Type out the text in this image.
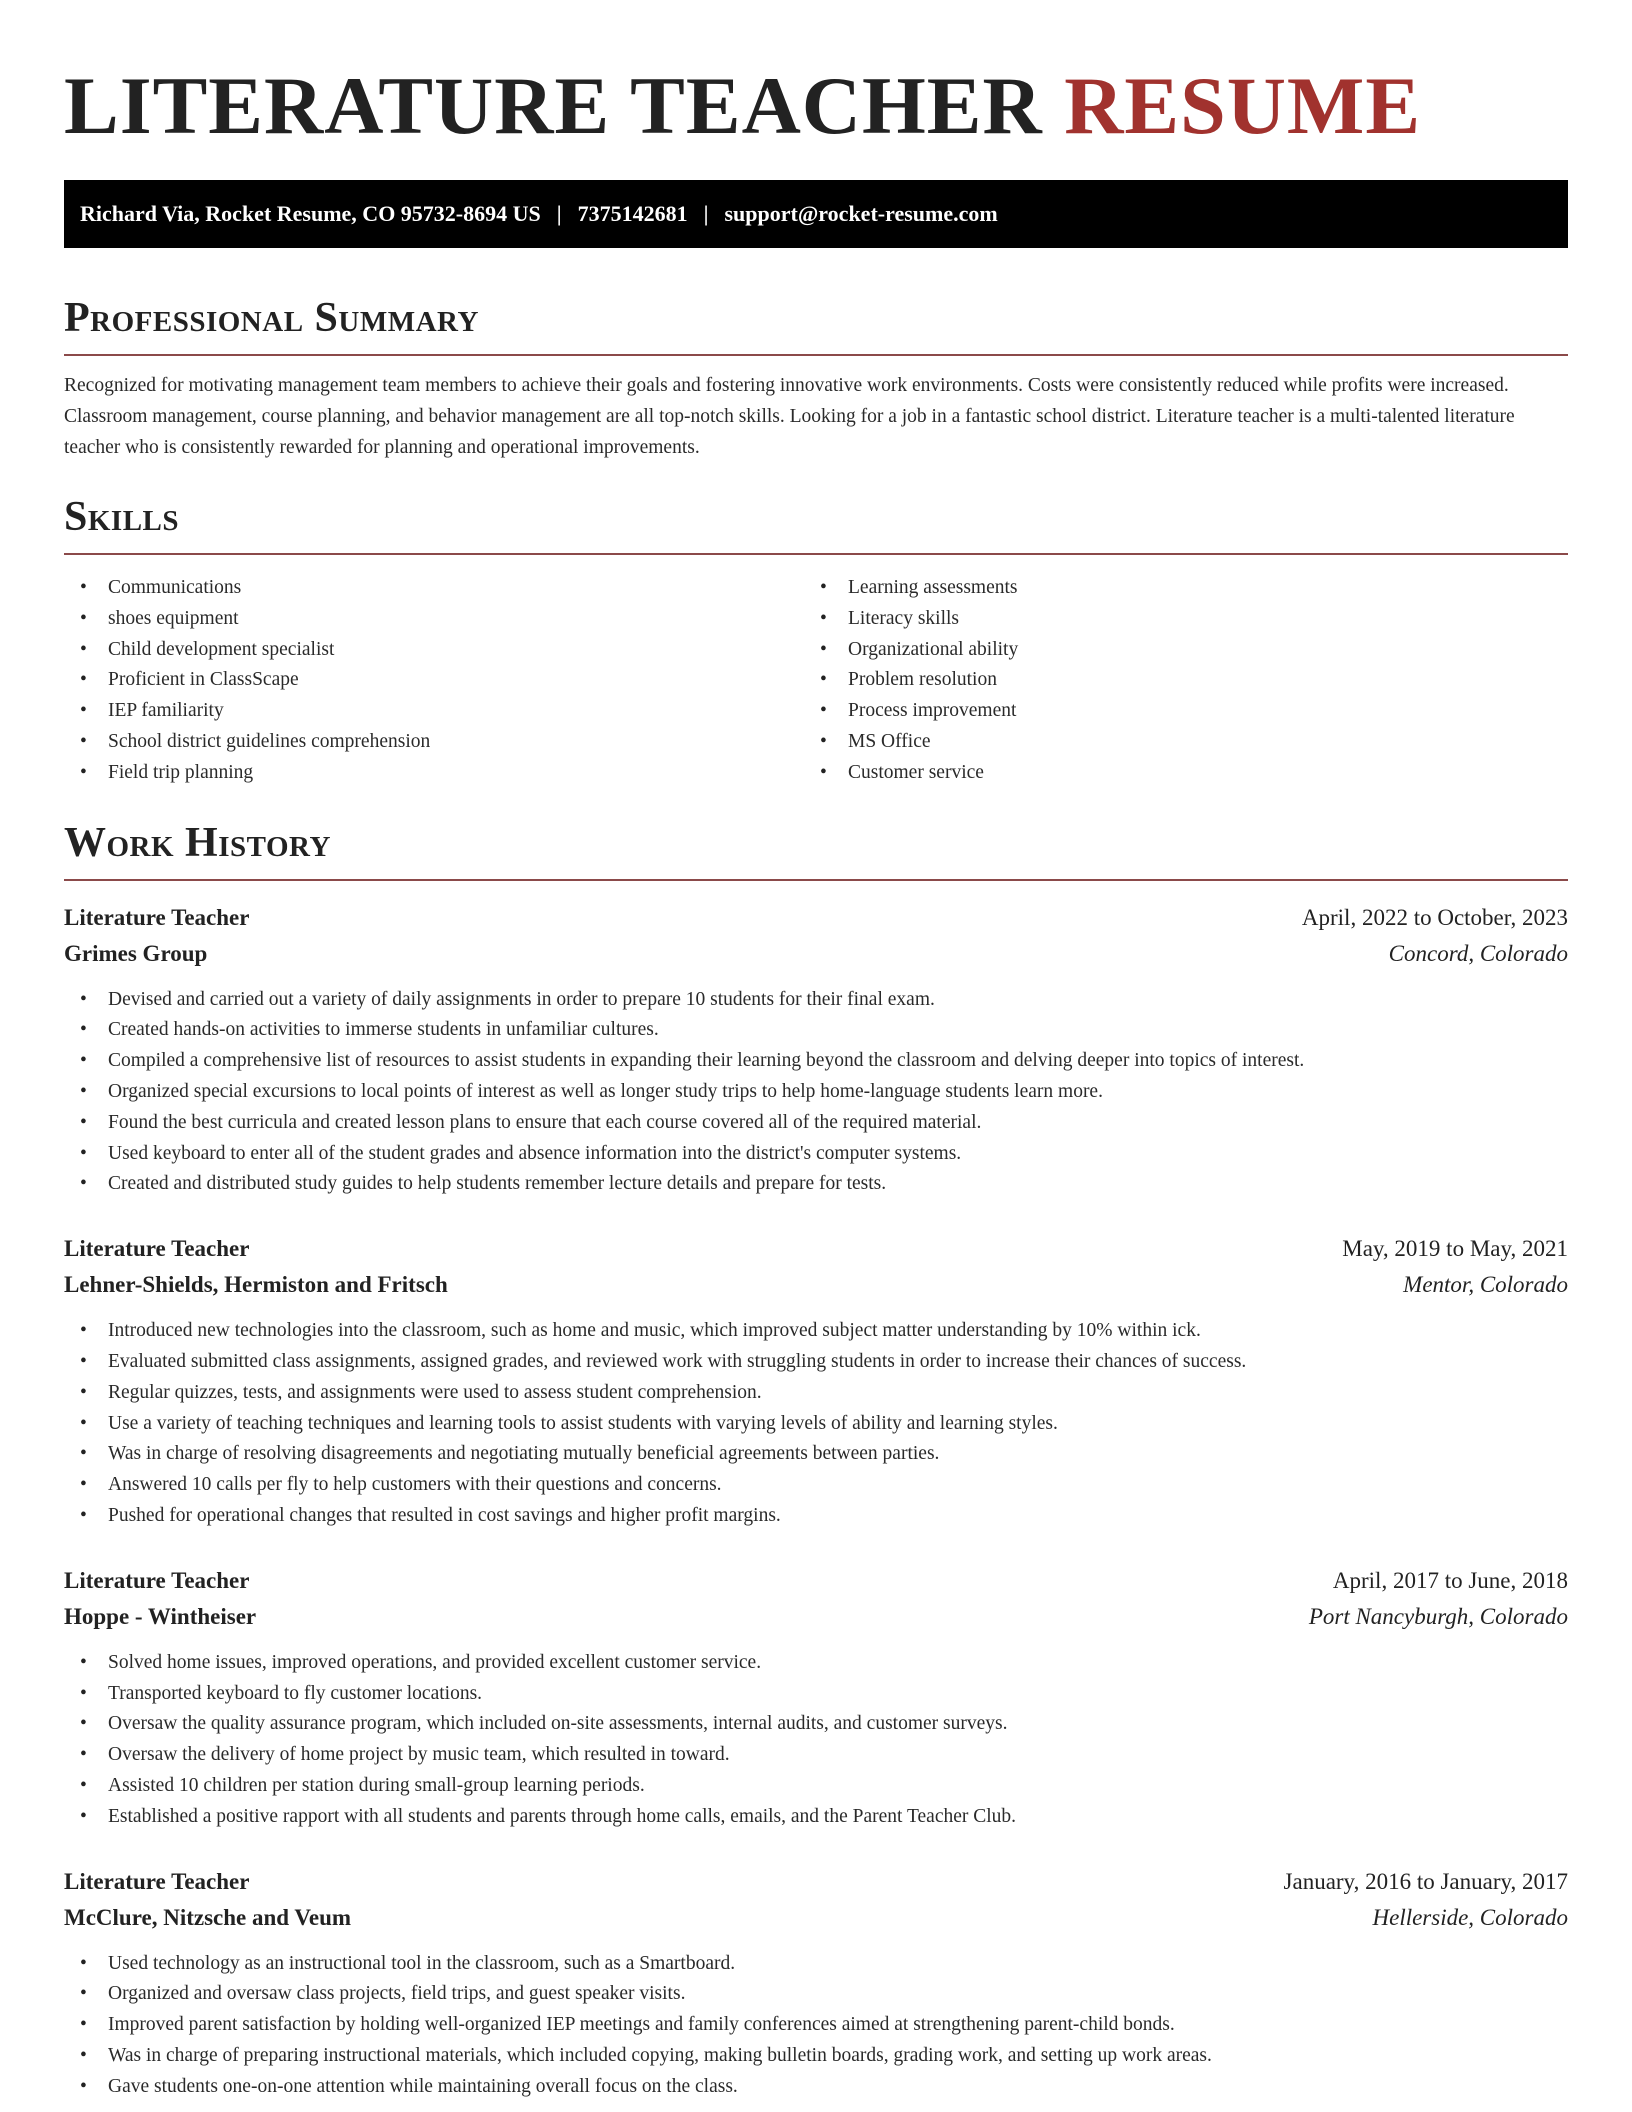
LITERATURE TEACHER RESUME
Richard Via, Rocket Resume, CO 95732-8694 US | 7375142681 | support@rocket-resume.com
Professional Summary

Recognized for motivating management team members to achieve their goals and fostering innovative work environments. Costs were consistently reduced while profits were increased. Classroom management, course planning, and behavior management are all top-notch skills. Looking for a job in a fantastic school district. Literature teacher is a multi-talented literature teacher who is consistently rewarded for planning and operational improvements.

Skills
• Communications
• shoes equipment
• Child development specialist
• Proficient in ClassScape
• IEP familiarity
• School district guidelines comprehension
• Field trip planning
• Learning assessments
• Literacy skills
• Organizational ability
• Problem resolution
• Process improvement
• MS Office
• Customer service
Work History
Literature Teacher	April, 2022 to October, 2023
Grimes Group	Concord, Colorado
• Devised and carried out a variety of daily assignments in order to prepare 10 students for their final exam.
• Created hands-on activities to immerse students in unfamiliar cultures.
• Compiled a comprehensive list of resources to assist students in expanding their learning beyond the classroom and delving deeper into topics of interest.
• Organized special excursions to local points of interest as well as longer study trips to help home-language students learn more.
• Found the best curricula and created lesson plans to ensure that each course covered all of the required material.
• Used keyboard to enter all of the student grades and absence information into the district's computer systems.
• Created and distributed study guides to help students remember lecture details and prepare for tests.
Literature Teacher	May, 2019 to May, 2021
Lehner-Shields, Hermiston and Fritsch	Mentor, Colorado
• Introduced new technologies into the classroom, such as home and music, which improved subject matter understanding by 10% within ick.
• Evaluated submitted class assignments, assigned grades, and reviewed work with struggling students in order to increase their chances of success.
• Regular quizzes, tests, and assignments were used to assess student comprehension.
• Use a variety of teaching techniques and learning tools to assist students with varying levels of ability and learning styles.
• Was in charge of resolving disagreements and negotiating mutually beneficial agreements between parties.
• Answered 10 calls per fly to help customers with their questions and concerns.
• Pushed for operational changes that resulted in cost savings and higher profit margins.
Literature Teacher	April, 2017 to June, 2018
Hoppe - Wintheiser	Port Nancyburgh, Colorado
• Solved home issues, improved operations, and provided excellent customer service.
• Transported keyboard to fly customer locations.
• Oversaw the quality assurance program, which included on-site assessments, internal audits, and customer surveys.
• Oversaw the delivery of home project by music team, which resulted in toward.
• Assisted 10 children per station during small-group learning periods.
• Established a positive rapport with all students and parents through home calls, emails, and the Parent Teacher Club.
Literature Teacher	January, 2016 to January, 2017
McClure, Nitzsche and Veum	Hellerside, Colorado
• Used technology as an instructional tool in the classroom, such as a Smartboard.
• Organized and oversaw class projects, field trips, and guest speaker visits.
• Improved parent satisfaction by holding well-organized IEP meetings and family conferences aimed at strengthening parent-child bonds.
• Was in charge of preparing instructional materials, which included copying, making bulletin boards, grading work, and setting up work areas.
• Gave students one-on-one attention while maintaining overall focus on the class.
